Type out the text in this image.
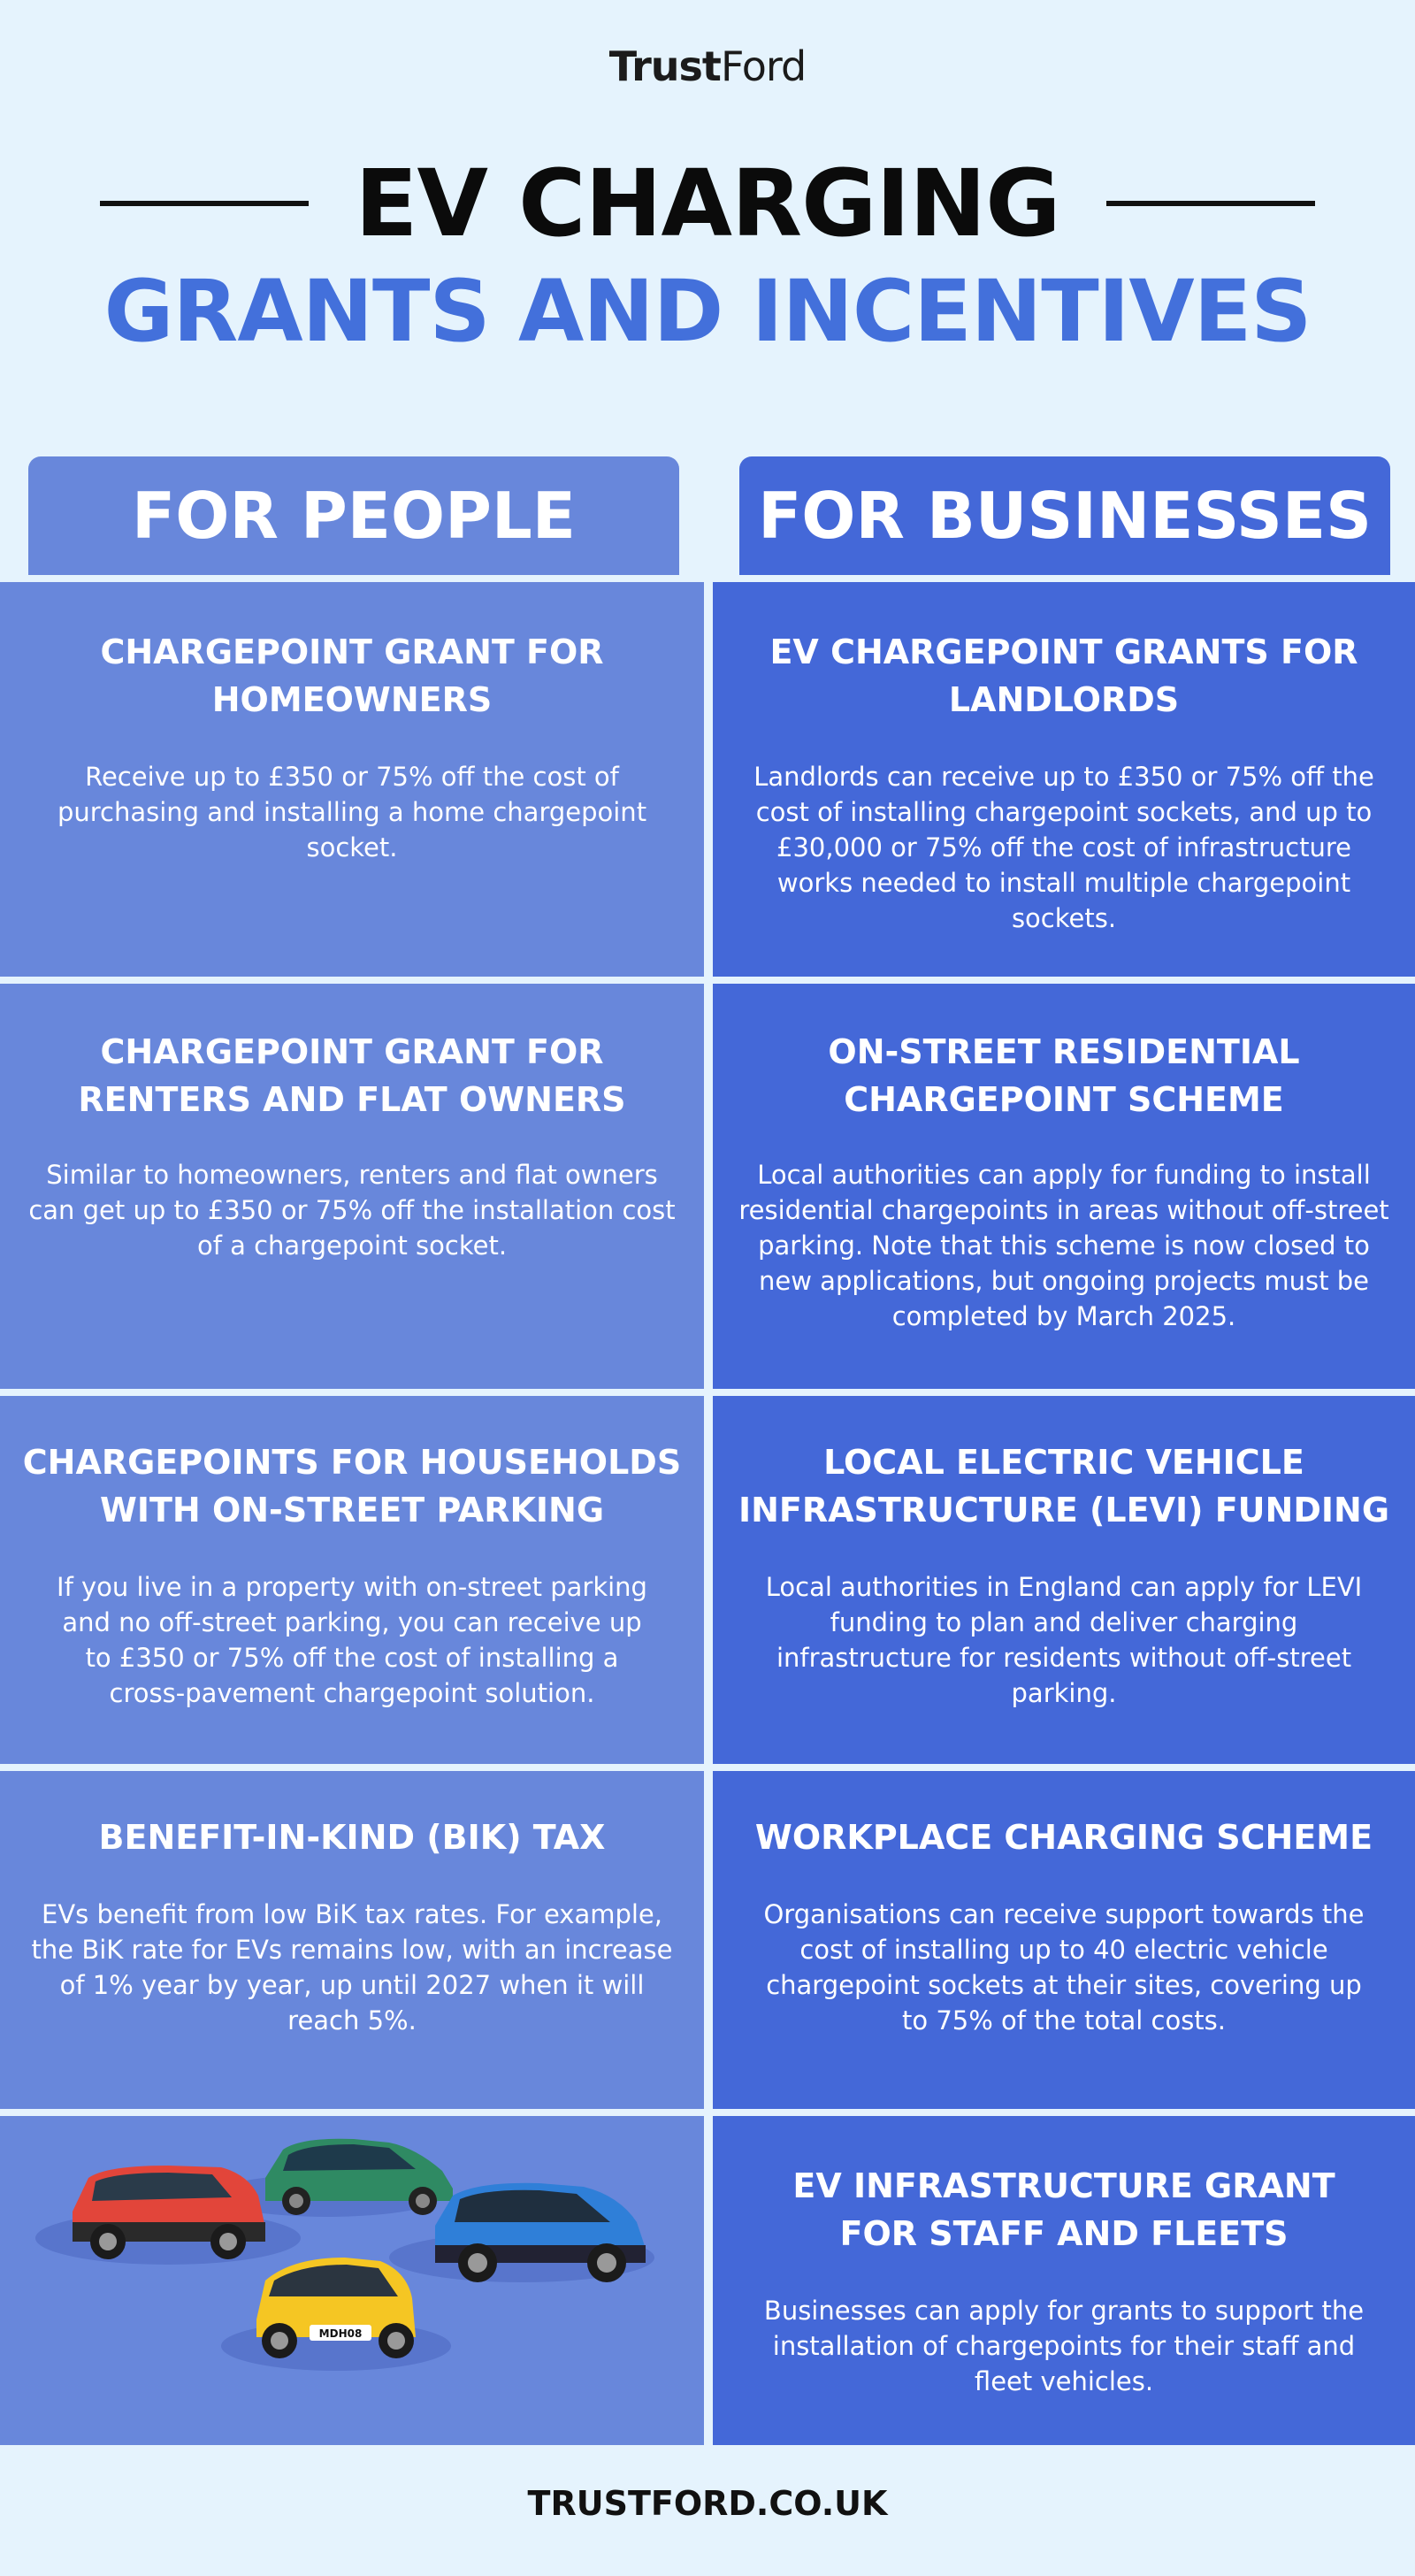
TrustFord
EV CHARGING
GRANTS AND INCENTIVES
FOR PEOPLE	FOR BUSINESSES
CHARGEPOINT GRANT FOR HOMEOWNERS

Receive up to £350 or 75% off the cost of purchasing and installing a home chargepoint socket.

CHARGEPOINT GRANT FOR RENTERS AND FLAT OWNERS

Similar to homeowners, renters and flat owners can get up to £350 or 75% off the installation cost of a chargepoint socket.

CHARGEPOINTS FOR HOUSEHOLDS WITH ON-STREET PARKING

If you live in a property with on-street parking and no off-street parking, you can receive up to £350 or 75% off the cost of installing a cross-pavement chargepoint solution.

BENEFIT-IN-KIND (BIK) TAX

EVs benefit from low BiK tax rates. For example, the BiK rate for EVs remains low, with an increase of 1% year by year, up until 2027 when it will reach 5%.

MDH08
EV CHARGEPOINT GRANTS FOR LANDLORDS

Landlords can receive up to £350 or 75% off the cost of installing chargepoint sockets, and up to £30,000 or 75% off the cost of infrastructure works needed to install multiple chargepoint sockets.

ON-STREET RESIDENTIAL CHARGEPOINT SCHEME

Local authorities can apply for funding to install residential chargepoints in areas without off-street parking. Note that this scheme is now closed to new applications, but ongoing projects must be completed by March 2025.

LOCAL ELECTRIC VEHICLE INFRASTRUCTURE (LEVI) FUNDING

Local authorities in England can apply for LEVI funding to plan and deliver charging infrastructure for residents without off-street parking.

WORKPLACE CHARGING SCHEME

Organisations can receive support towards the cost of installing up to 40 electric vehicle chargepoint sockets at their sites, covering up to 75% of the total costs.

EV INFRASTRUCTURE GRANT FOR STAFF AND FLEETS

Businesses can apply for grants to support the installation of chargepoints for their staff and fleet vehicles.

TRUSTFORD.CO.UK
